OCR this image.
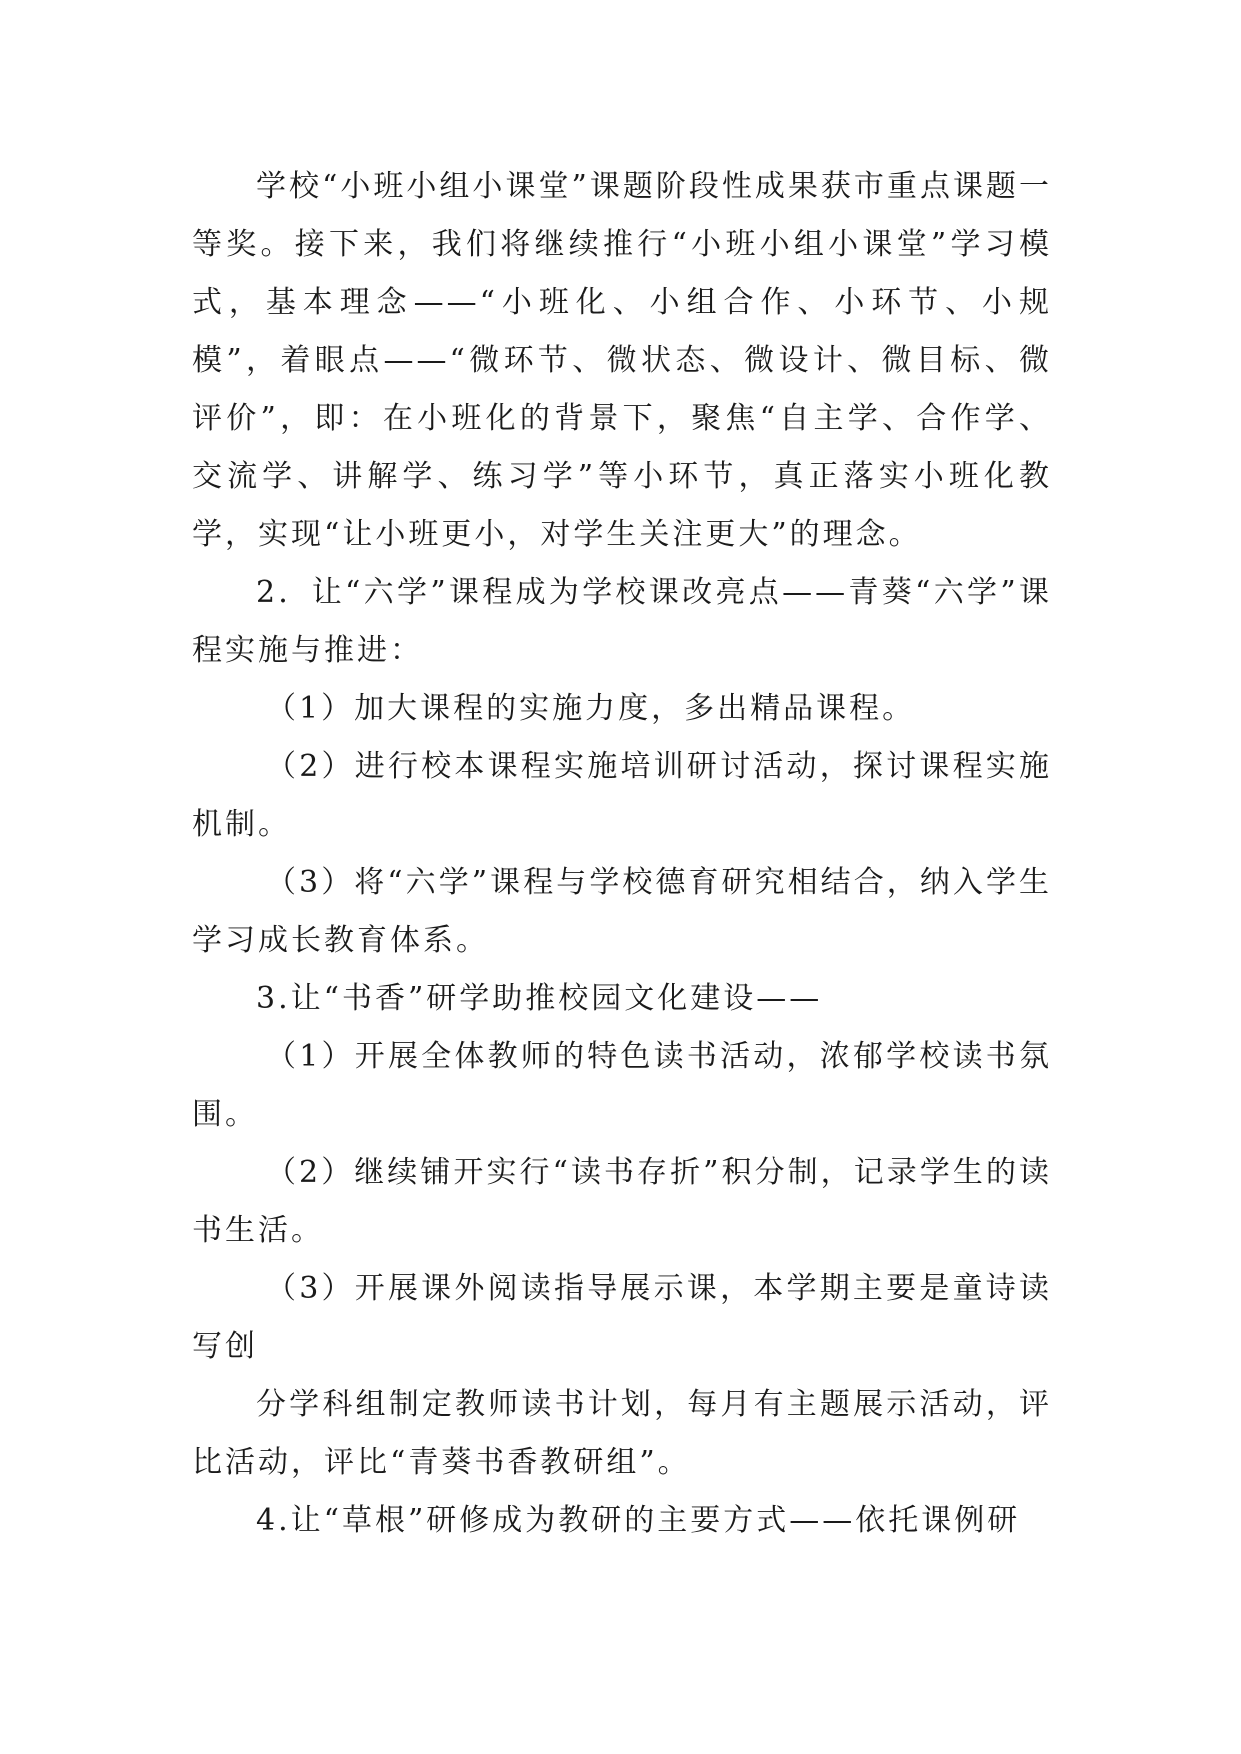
学校“小班小组小课堂”课题阶段性成果获市重点课题一等奖。接下来，我们将继续推行“小班小组小课堂”学习模式，基本理念——“小班化、小组合作、小环节、小规模”，着眼点——“微环节、微状态、微设计、微目标、微评价”，即：在小班化的背景下，聚焦“自主学、合作学、交流学、讲解学、练习学”等小环节，真正落实小班化教学，实现“让小班更小，对学生关注更大”的理念。

2．让“六学”课程成为学校课改亮点——青葵“六学”课程实施与推进：

（1）加大课程的实施力度，多出精品课程。

（2）进行校本课程实施培训研讨活动，探讨课程实施机制。

（3）将“六学”课程与学校德育研究相结合，纳入学生学习成长教育体系。

3.让“书香”研学助推校园文化建设——

（1）开展全体教师的特色读书活动，浓郁学校读书氛围。

（2）继续铺开实行“读书存折”积分制，记录学生的读书生活。

（3）开展课外阅读指导展示课，本学期主要是童诗读写创

分学科组制定教师读书计划，每月有主题展示活动，评比活动，评比“青葵书香教研组”。

4.让“草根”研修成为教研的主要方式——依托课例研
